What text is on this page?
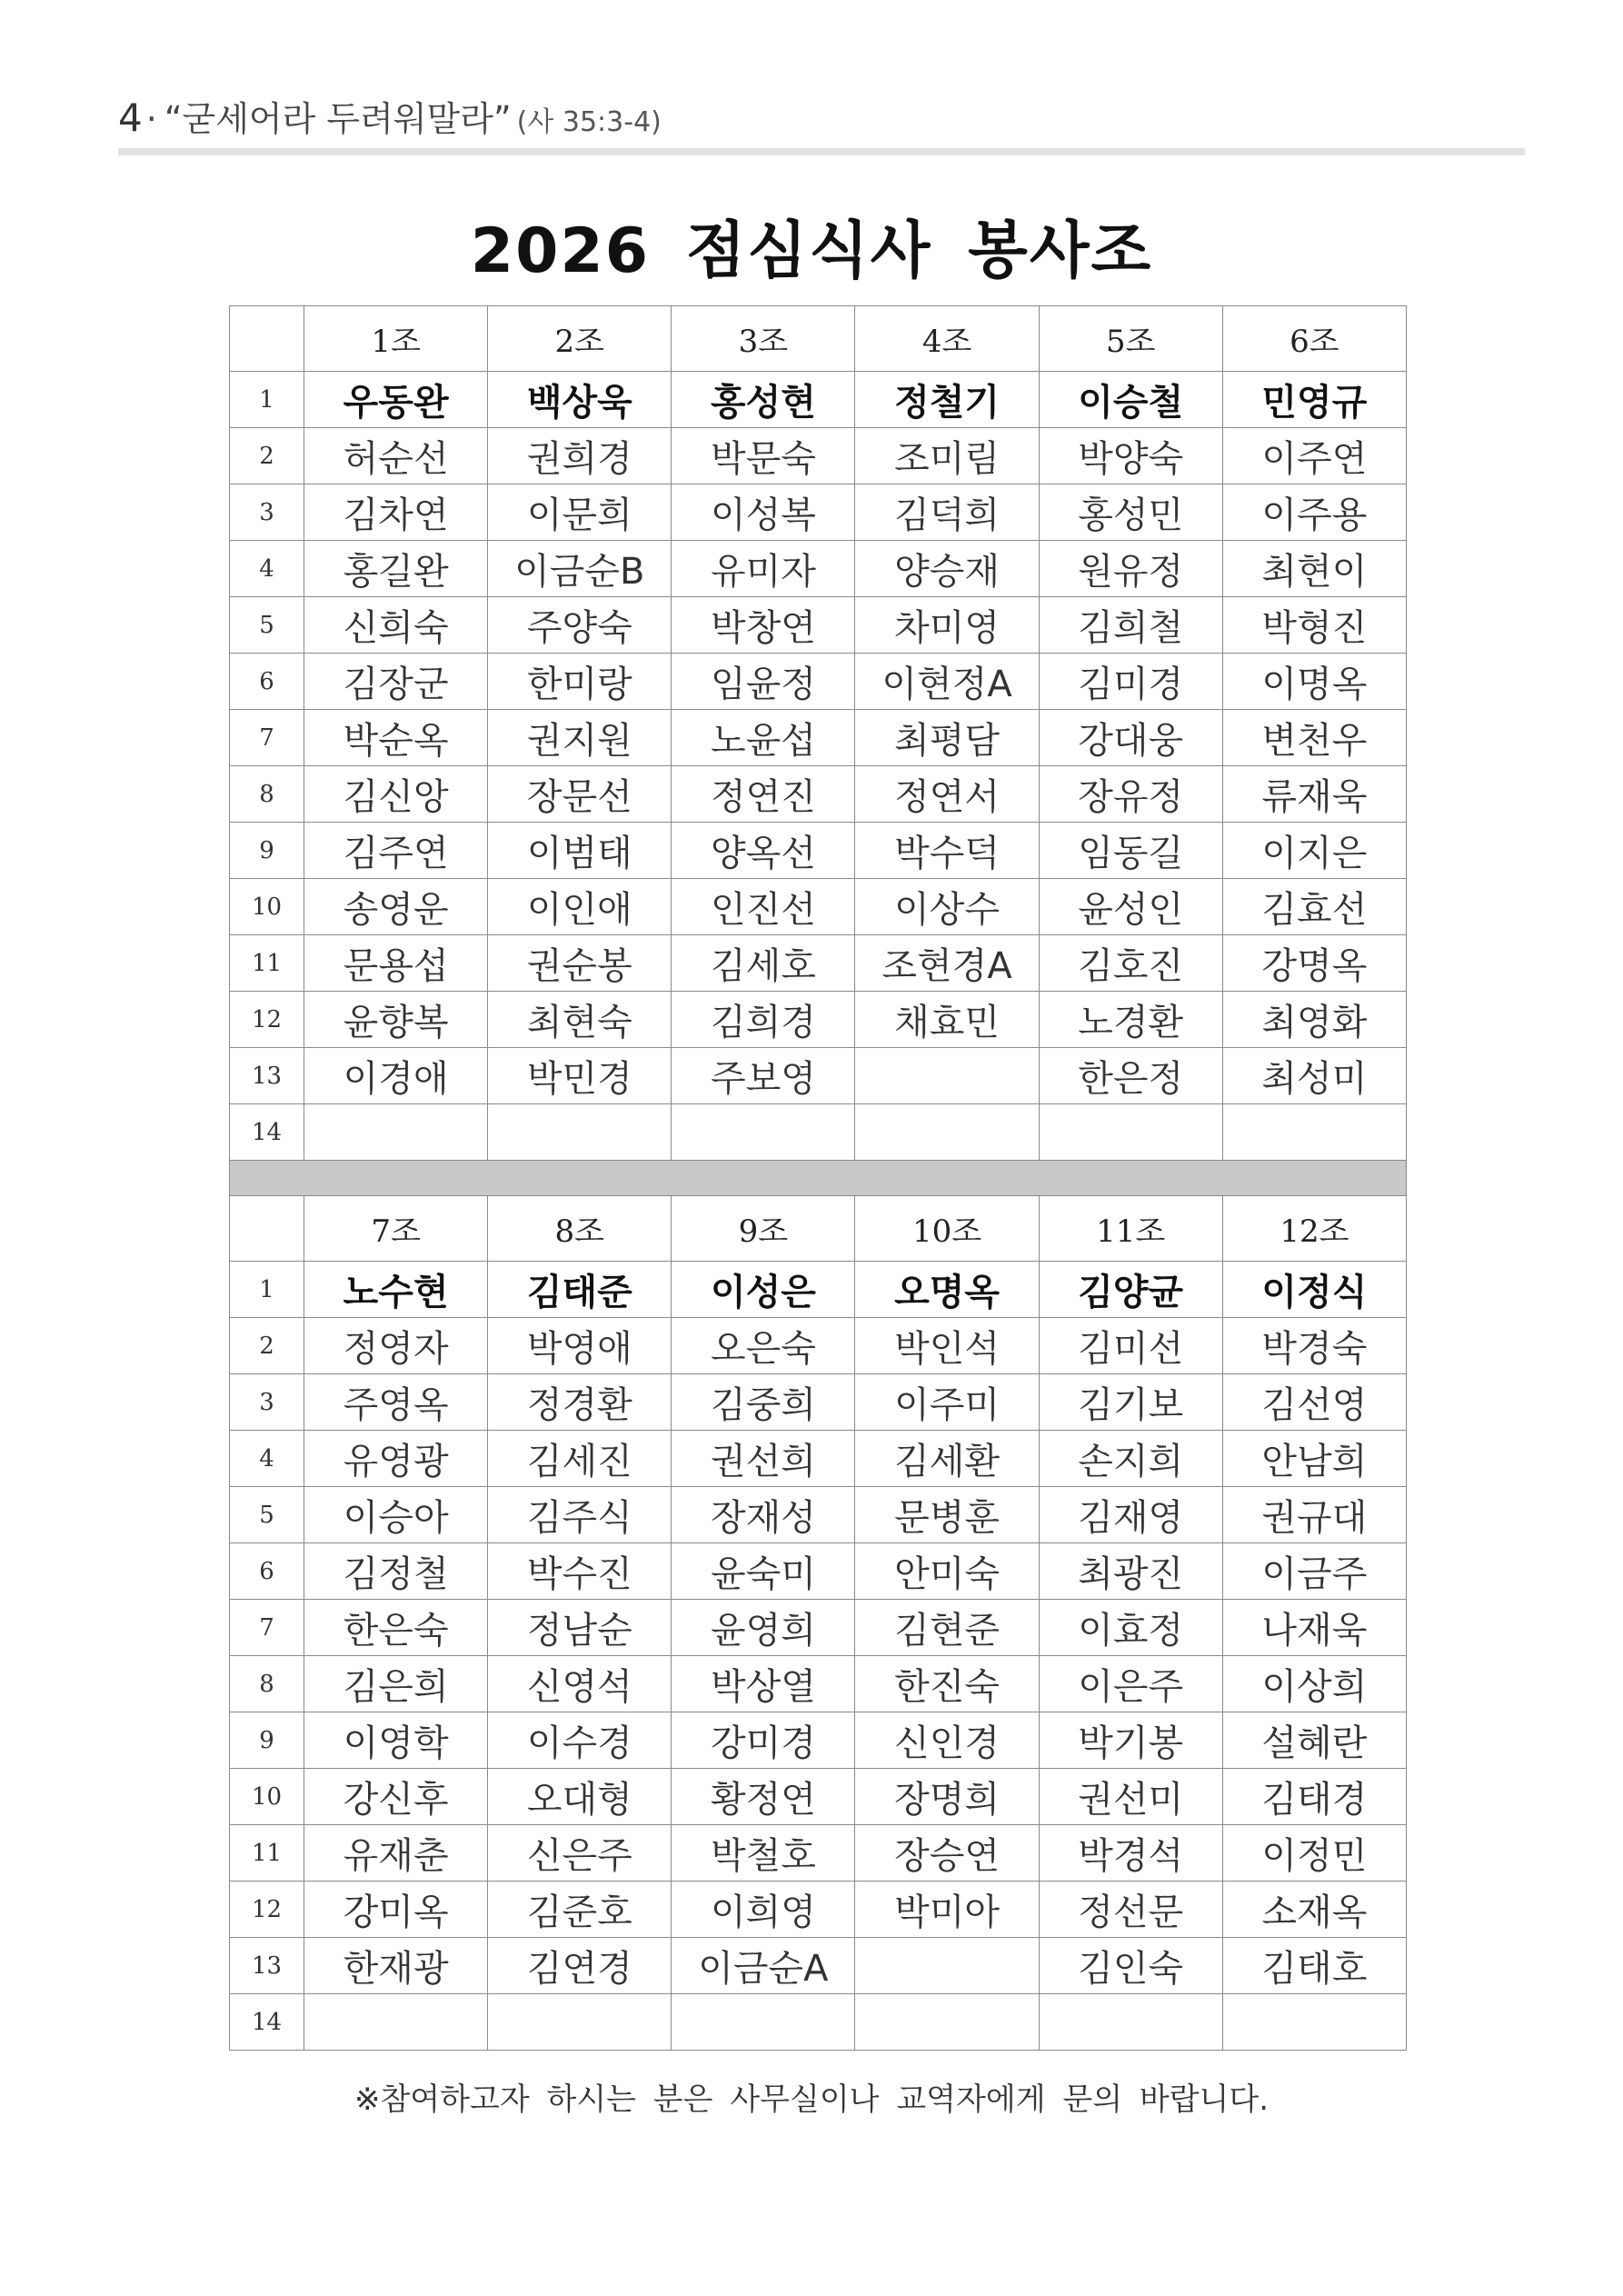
4 · “굳세어라 두려워말라” (사 35:3-4)
2026 점심식사 봉사조
	1조	2조	3조	4조	5조	6조
1	우동완	백상욱	홍성현	정철기	이승철	민영규
2	허순선	권희경	박문숙	조미림	박양숙	이주연
3	김차연	이문희	이성복	김덕희	홍성민	이주용
4	홍길완	이금순B	유미자	양승재	원유정	최현이
5	신희숙	주양숙	박창연	차미영	김희철	박형진
6	김장군	한미랑	임윤정	이현정A	김미경	이명옥
7	박순옥	권지원	노윤섭	최평담	강대웅	변천우
8	김신앙	장문선	정연진	정연서	장유정	류재욱
9	김주연	이범태	양옥선	박수덕	임동길	이지은
10	송영운	이인애	인진선	이상수	윤성인	김효선
11	문용섭	권순봉	김세호	조현경A	김호진	강명옥
12	윤향복	최현숙	김희경	채효민	노경환	최영화
13	이경애	박민경	주보영		한은정	최성미
14						

	7조	8조	9조	10조	11조	12조
1	노수현	김태준	이성은	오명옥	김양균	이정식
2	정영자	박영애	오은숙	박인석	김미선	박경숙
3	주영옥	정경환	김중희	이주미	김기보	김선영
4	유영광	김세진	권선희	김세환	손지희	안남희
5	이승아	김주식	장재성	문병훈	김재영	권규대
6	김정철	박수진	윤숙미	안미숙	최광진	이금주
7	한은숙	정남순	윤영희	김현준	이효정	나재욱
8	김은희	신영석	박상열	한진숙	이은주	이상희
9	이영학	이수경	강미경	신인경	박기봉	설혜란
10	강신후	오대형	황정연	장명희	권선미	김태경
11	유재춘	신은주	박철호	장승연	박경석	이정민
12	강미옥	김준호	이희영	박미아	정선문	소재옥
13	한재광	김연경	이금순A		김인숙	김태호
14						
※참여하고자 하시는 분은 사무실이나 교역자에게 문의 바랍니다.
